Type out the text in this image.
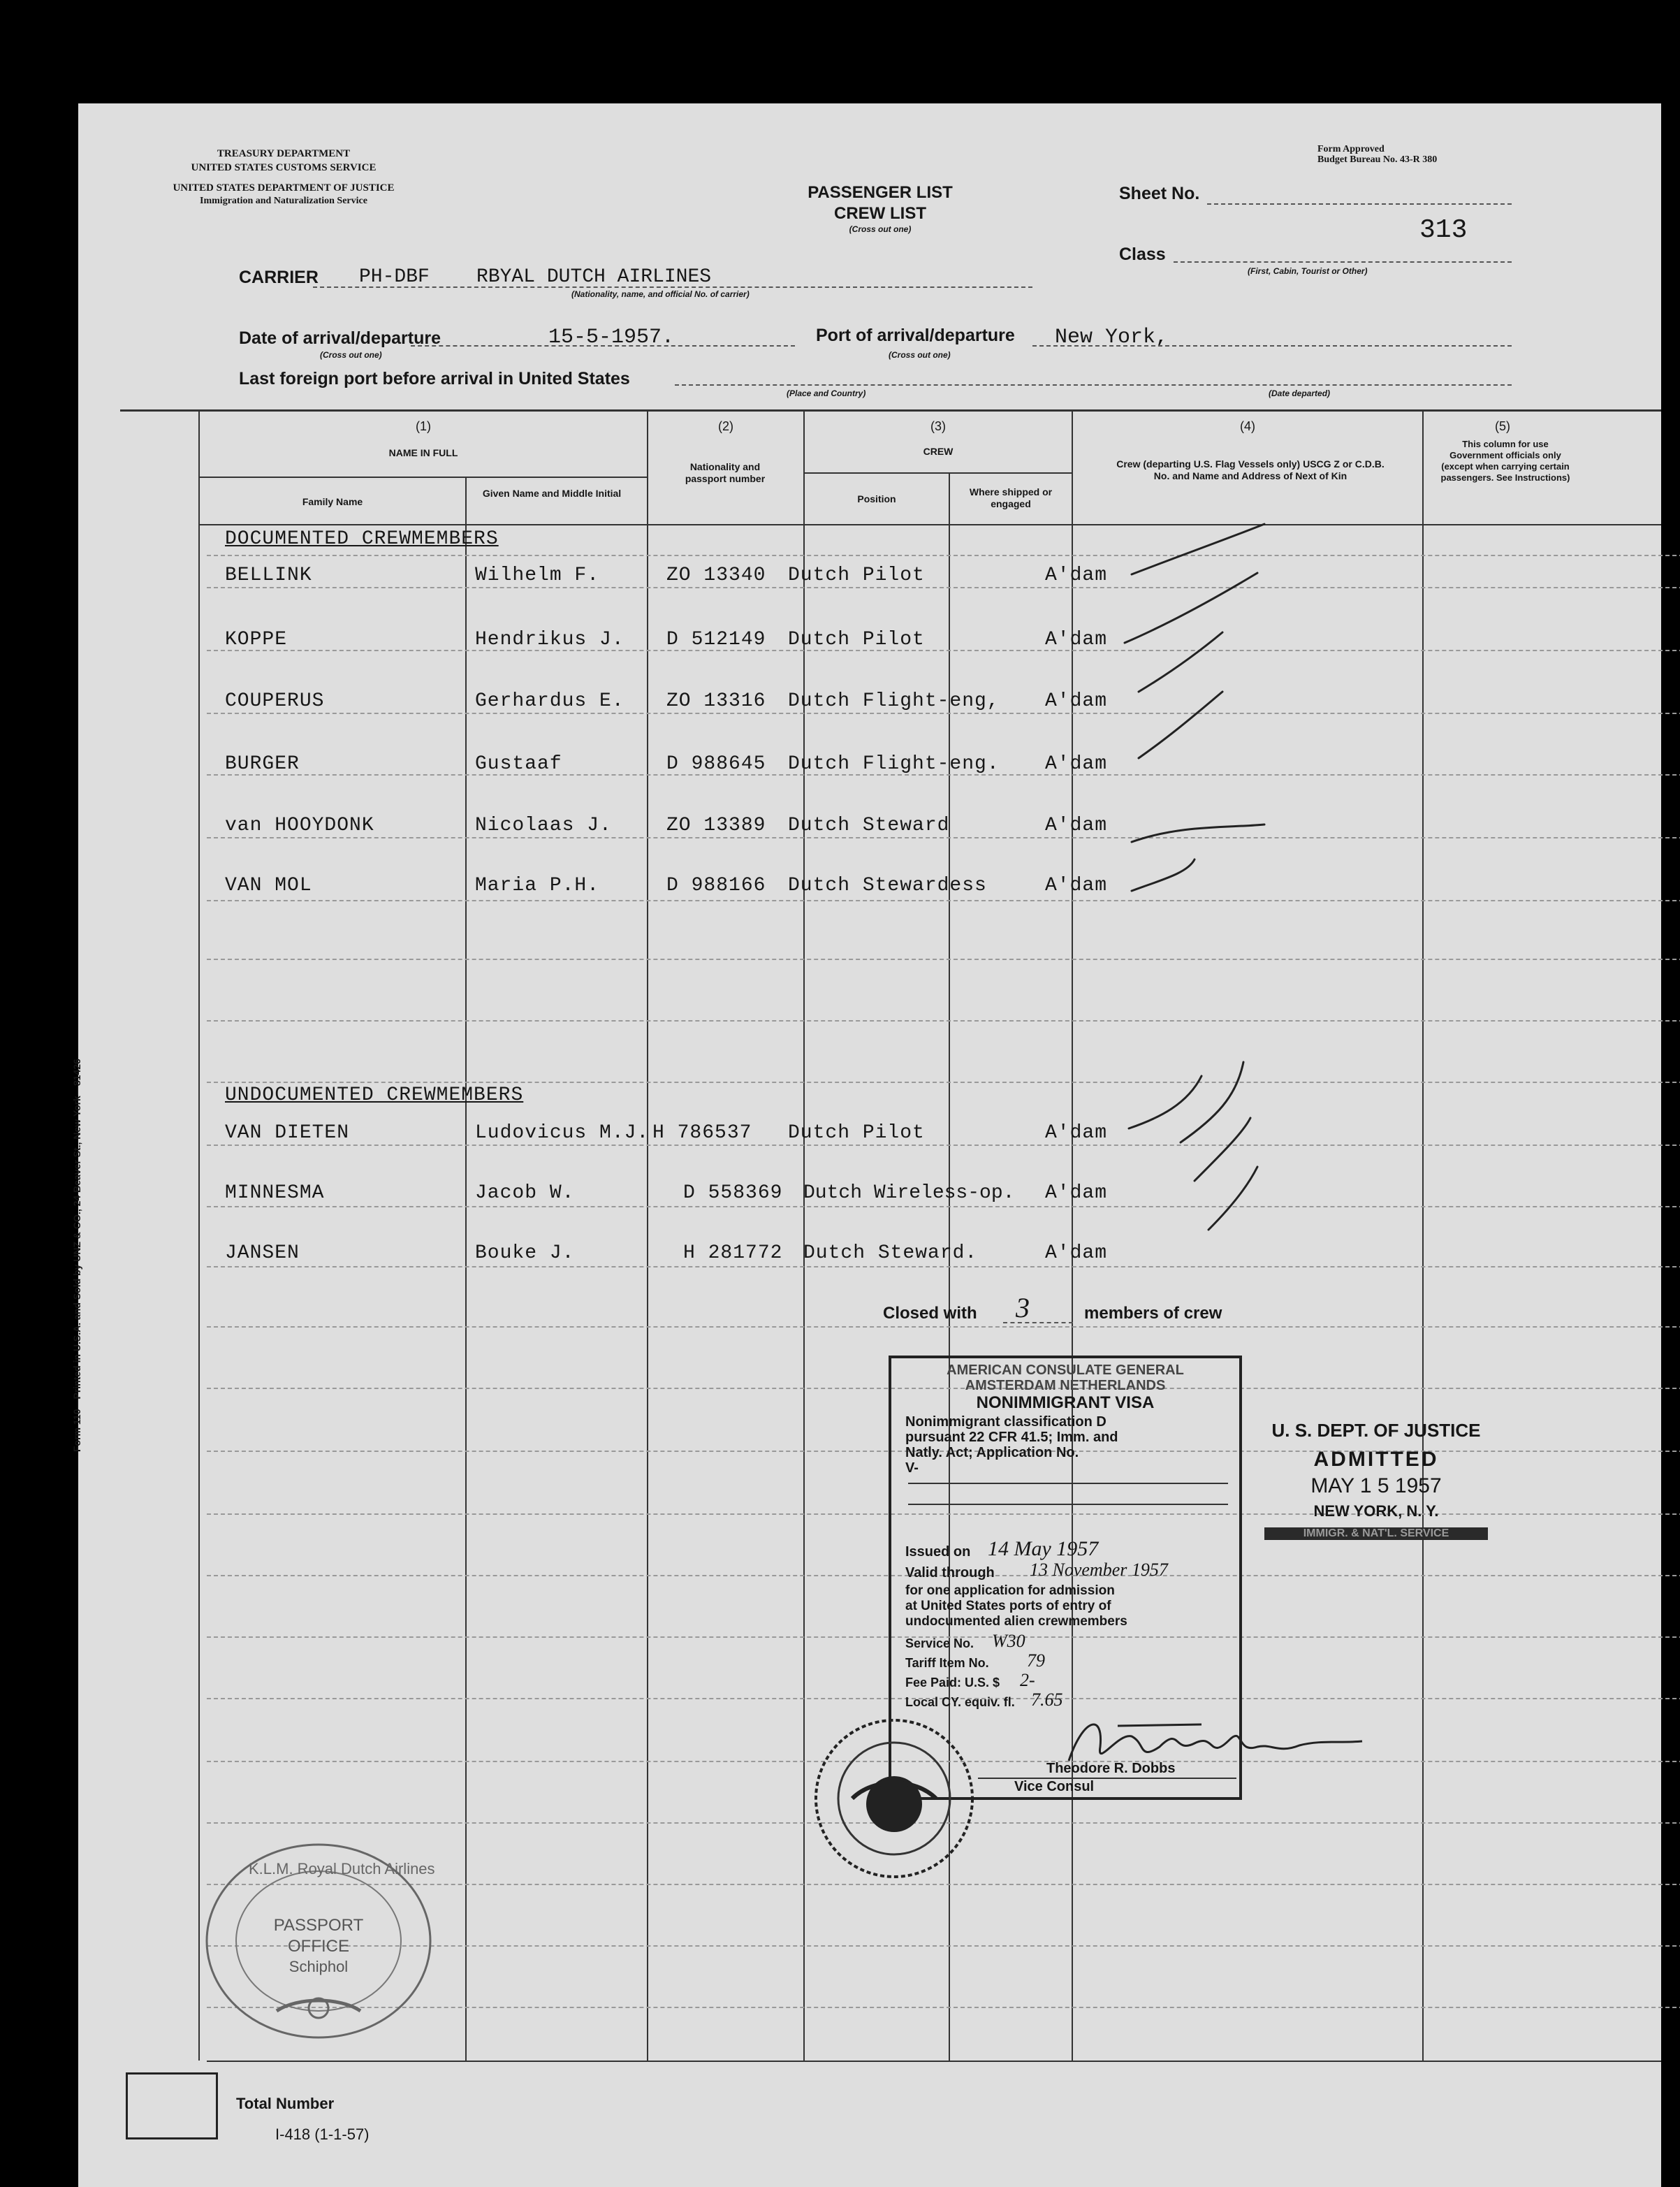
TREASURY DEPARTMENT
UNITED STATES CUSTOMS SERVICE
UNITED STATES DEPARTMENT OF JUSTICE
Immigration and Naturalization Service
Form Approved
Budget Bureau No. 43-R 380
PASSENGER LIST
CREW LIST
(Cross out one)
Sheet No.
313
Class
(First, Cabin, Tourist or Other)
CARRIER PH-DBF    RBYAL DUTCH AIRLINES
(Nationality, name, and official No. of carrier)
Date of arrival/departure	15-5-1957.
(Cross out one)
Port of arrival/departure New York,
(Cross out one)
Last foreign port before arrival in United States
(Place and Country)	(Date departed)
(1)
NAME IN FULL
Family Name
Given Name and Middle Initial
(2)
Nationality and passport number
(3)
CREW
Position
Where shipped or engaged
(4)
Crew (departing U.S. Flag Vessels only) USCG Z or C.D.B. No. and Name and Address of Next of Kin
(5)
This column for use Government officials only (except when carrying certain passengers. See Instructions)
DOCUMENTED CREWMEMBERS
UNDOCUMENTED CREWMEMBERS
BELLINK	Wilhelm F.	ZO 13340 Dutch Pilot	A'dam
KOPPE	Hendrikus J. D 512149 Dutch Pilot	A'dam
COUPERUS	Gerhardus E. ZO 13316 Dutch Flight-eng, A'dam
BURGER	Gustaaf	D 988645 Dutch Flight-eng. A'dam
van HOOYDONK	Nicolaas J.	ZO 13389 Dutch Steward	A'dam
VAN MOL	Maria P.H.	D 988166 Dutch Stewardess	A'dam
VAN DIETEN	Ludovicus M.J. H 786537 Dutch Pilot	A'dam
MINNESMA	Jacob W.	D 558369 Dutch Wireless-op. A'dam
JANSEN	Bouke J.	H 281772 Dutch Steward.	A'dam
Closed with 3	members of crew
AMERICAN CONSULATE GENERAL
AMSTERDAM NETHERLANDS
NONIMMIGRANT VISA
Nonimmigrant classification D
pursuant 22 CFR 41.5; Imm. and
Natly. Act; Application No.
V-
Issued on 14 May 1957
Valid through 13 November 1957
for one application for admission
at United States ports of entry of
undocumented alien crewmembers
Service No. W30
Tariff Item No. 79
Fee Paid: U.S. $ 2-
Local CY. equiv. fl. 7.65
Theodore R. Dobbs
Vice Consul
U. S. DEPT. OF JUSTICE
ADMITTED
MAY 1 5 1957
NEW YORK, N. Y.
IMMIGR. & NAT'L. SERVICE
K.L.M. Royal Dutch Airlines
PASSPORT
OFFICE
Schiphol
Form 110—Printed in U.S.A. and Sold by UNZ & CO., 24 Beaver St., New York—81426
Total Number
I-418 (1-1-57)
